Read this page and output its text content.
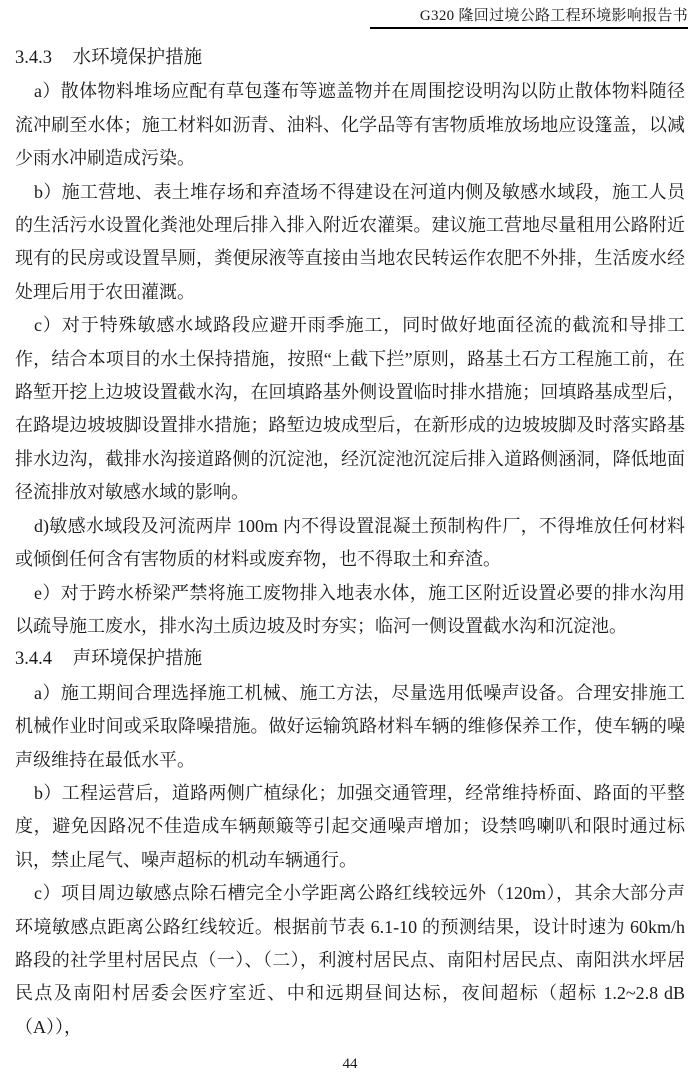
G320 隆回过境公路工程环境影响报告书
3.4.3 水环境保护措施

a）散体物料堆场应配有草包蓬布等遮盖物并在周围挖设明沟以防止散体物料随径流冲刷至水体；施工材料如沥青、油料、化学品等有害物质堆放场地应设篷盖，以减少雨水冲刷造成污染。

b）施工营地、表土堆存场和弃渣场不得建设在河道内侧及敏感水域段，施工人员的生活污水设置化粪池处理后排入排入附近农灌渠。建议施工营地尽量租用公路附近现有的民房或设置旱厕，粪便尿液等直接由当地农民转运作农肥不外排，生活废水经处理后用于农田灌溉。

c）对于特殊敏感水域路段应避开雨季施工，同时做好地面径流的截流和导排工作，结合本项目的水土保持措施，按照“上截下拦”原则，路基土石方工程施工前，在路堑开挖上边坡设置截水沟，在回填路基外侧设置临时排水措施；回填路基成型后，在路堤边坡坡脚设置排水措施；路堑边坡成型后，在新形成的边坡坡脚及时落实路基排水边沟，截排水沟接道路侧的沉淀池，经沉淀池沉淀后排入道路侧涵洞，降低地面径流排放对敏感水域的影响。

d)敏感水域段及河流两岸 100m 内不得设置混凝土预制构件厂，不得堆放任何材料或倾倒任何含有害物质的材料或废弃物，也不得取土和弃渣。

e）对于跨水桥梁严禁将施工废物排入地表水体，施工区附近设置必要的排水沟用以疏导施工废水，排水沟土质边坡及时夯实；临河一侧设置截水沟和沉淀池。

3.4.4 声环境保护措施

a）施工期间合理选择施工机械、施工方法，尽量选用低噪声设备。合理安排施工机械作业时间或采取降噪措施。做好运输筑路材料车辆的维修保养工作，使车辆的噪声级维持在最低水平。

b）工程运营后，道路两侧广植绿化；加强交通管理，经常维持桥面、路面的平整度，避免因路况不佳造成车辆颠簸等引起交通噪声增加；设禁鸣喇叭和限时通过标识，禁止尾气、噪声超标的机动车辆通行。

c）项目周边敏感点除石槽完全小学距离公路红线较远外（120m），其余大部分声环境敏感点距离公路红线较近。根据前节表 6.1-10 的预测结果，设计时速为 60km/h 路段的社学里村居民点（一）、（二），利渡村居民点、南阳村居民点、南阳洪水坪居民点及南阳村居委会医疗室近、中和远期昼间达标，夜间超标（超标 1.2~2.8 dB（A）），

44
